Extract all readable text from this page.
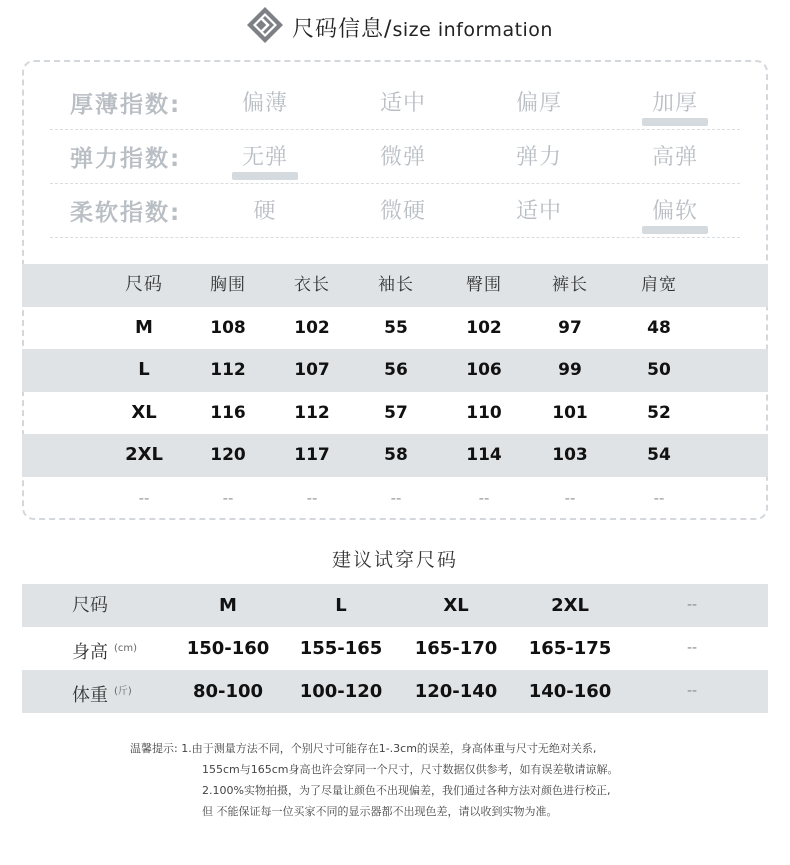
尺码信息/size information
厚薄指数:	偏薄	适中	偏厚	加厚
弹力指数:	无弹	微弹	弹力	高弹
柔软指数:	硬	微硬	适中	偏软
尺码	胸围	衣长	袖长	臀围	裤长	肩宽
M	108	102	55	102	97	48
L	112	107	56	106	99	50
XL	116	112	57	110	101	52
2XL	120	117	58	114	103	54
--	--	--	--	--	--	--
建议试穿尺码
尺码	M	L	XL	2XL	--
身高 $^{(cm)}$	150-160	155-165	165-170	165-175	--
体重 $^{(斤)}$	80-100	100-120	120-140	140-160	--
温馨提示: 1.由于测量方法不同，个别尺寸可能存在1-.3cm的误差，身高体重与尺寸无绝对关系,
155cm与165cm身高也许会穿同一个尺寸，尺寸数据仅供参考，如有误差敬请谅解。
2.100%实物拍摄，为了尽量让颜色不出现偏差，我们通过各种方法对颜色进行校正,
但 不能保证每一位买家不同的显示器都不出现色差，请以收到实物为准。
